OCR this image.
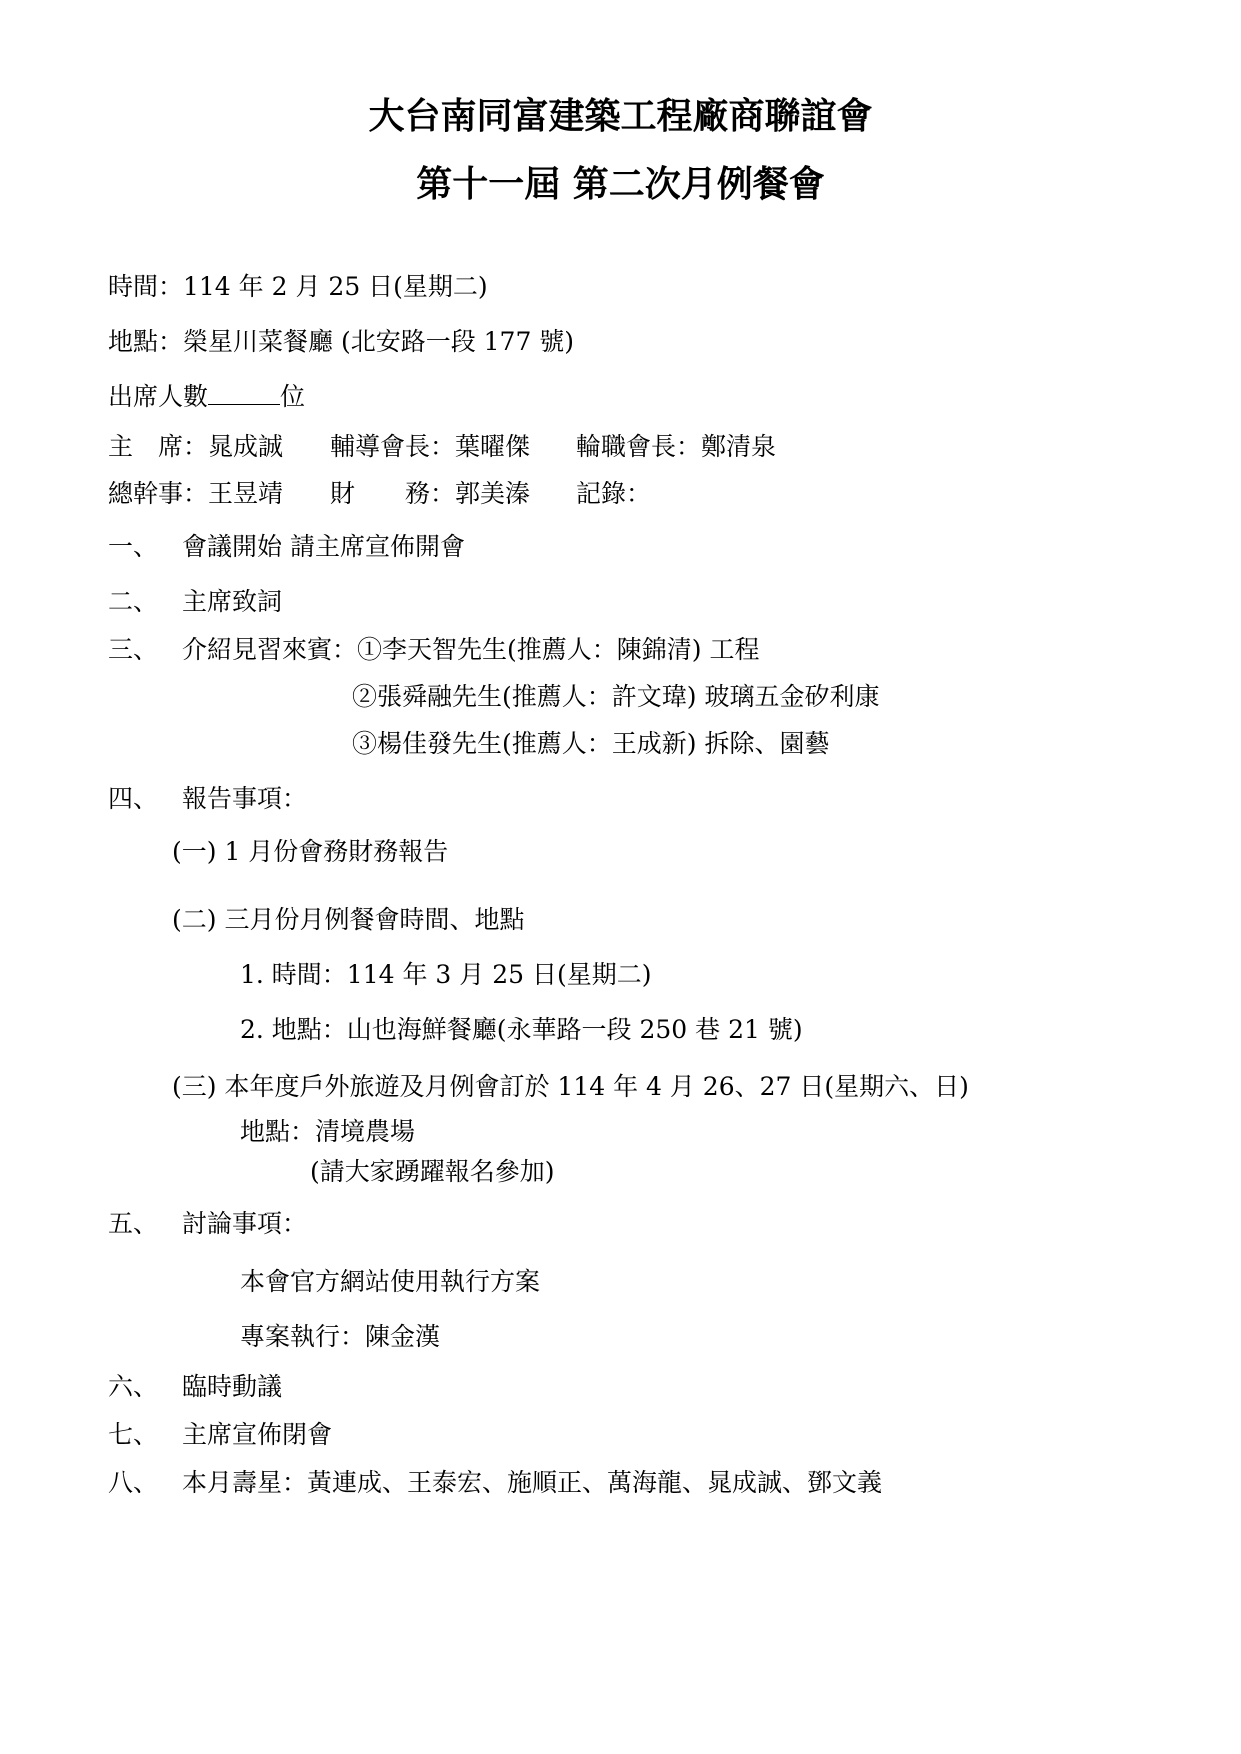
大台南同富建築工程廠商聯誼會
第十一屆 第二次月例餐會
時間：114 年 2 月 25 日(星期二)
地點：榮星川菜餐廳 (北安路一段 177 號)
出席人數	位
主　席：晁成誠 輔導會長：葉曜傑 輪職會長：鄭清泉
總幹事：王昱靖 財　　務：郭美溱 記錄：
一、 會議開始 請主席宣佈開會
二、 主席致詞
三、 介紹見習來賓：①李天智先生(推薦人：陳錦清) 工程
②張舜融先生(推薦人：許文瑋) 玻璃五金矽利康
③楊佳發先生(推薦人：王成新) 拆除、園藝
四、 報告事項：
(一) 1 月份會務財務報告
(二) 三月份月例餐會時間、地點
1. 時間：114 年 3 月 25 日(星期二)
2. 地點：山也海鮮餐廳(永華路一段 250 巷 21 號)
(三) 本年度戶外旅遊及月例會訂於 114 年 4 月 26、27 日(星期六、日)
地點：清境農場
(請大家踴躍報名參加)
五、 討論事項：
本會官方網站使用執行方案
專案執行：陳金漢
六、 臨時動議
七、 主席宣佈閉會
八、 本月壽星：黃連成、王泰宏、施順正、萬海龍、晁成誠、鄧文義
